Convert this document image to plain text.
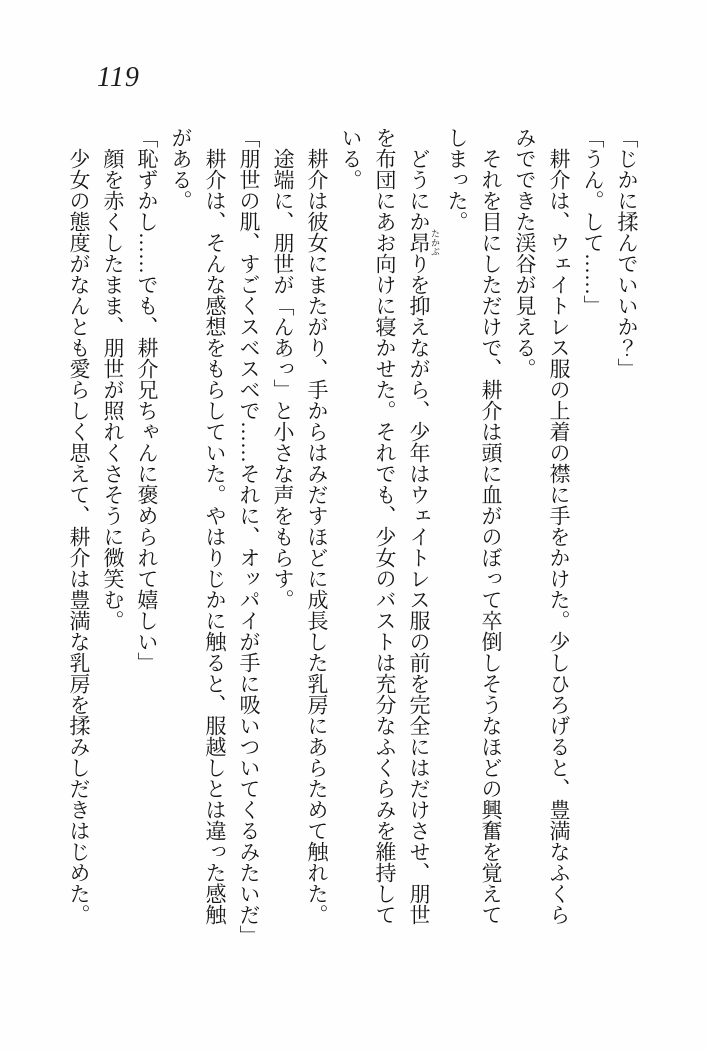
119

「じかに揉んでいいか？」

「うん。して……」

耕介は、ウェイトレス服の上着の襟に手をかけた。少しひろげると、豊満なふくら

みでできた渓谷が見える。

それを目にしただけで、耕介は頭に血がのぼって卒倒しそうなほどの興奮を覚えて

しまった。

どうにか昂 たかぶりを抑えながら、少年はウェイトレス服の前を完全にはだけさせ、朋世

を布団にあお向けに寝かせた。それでも、少女のバストは充分なふくらみを維持して

いる。

耕介は彼女にまたがり、手からはみだすほどに成長した乳房にあらためて触れた。

途端に、朋世が「んあっ」と小さな声をもらす。

「朋世の肌、すごくスベスベで……それに、オッパイが手に吸いついてくるみたいだ」

耕介は、そんな感想をもらしていた。やはりじかに触ると、服越しとは違った感触

がある。

「恥ずかし……でも、耕介兄ちゃんに褒められて嬉しい」

顔を赤くしたまま、朋世が照れくさそうに微笑む。

少女の態度がなんとも愛らしく思えて、耕介は豊満な乳房を揉みしだきはじめた。
